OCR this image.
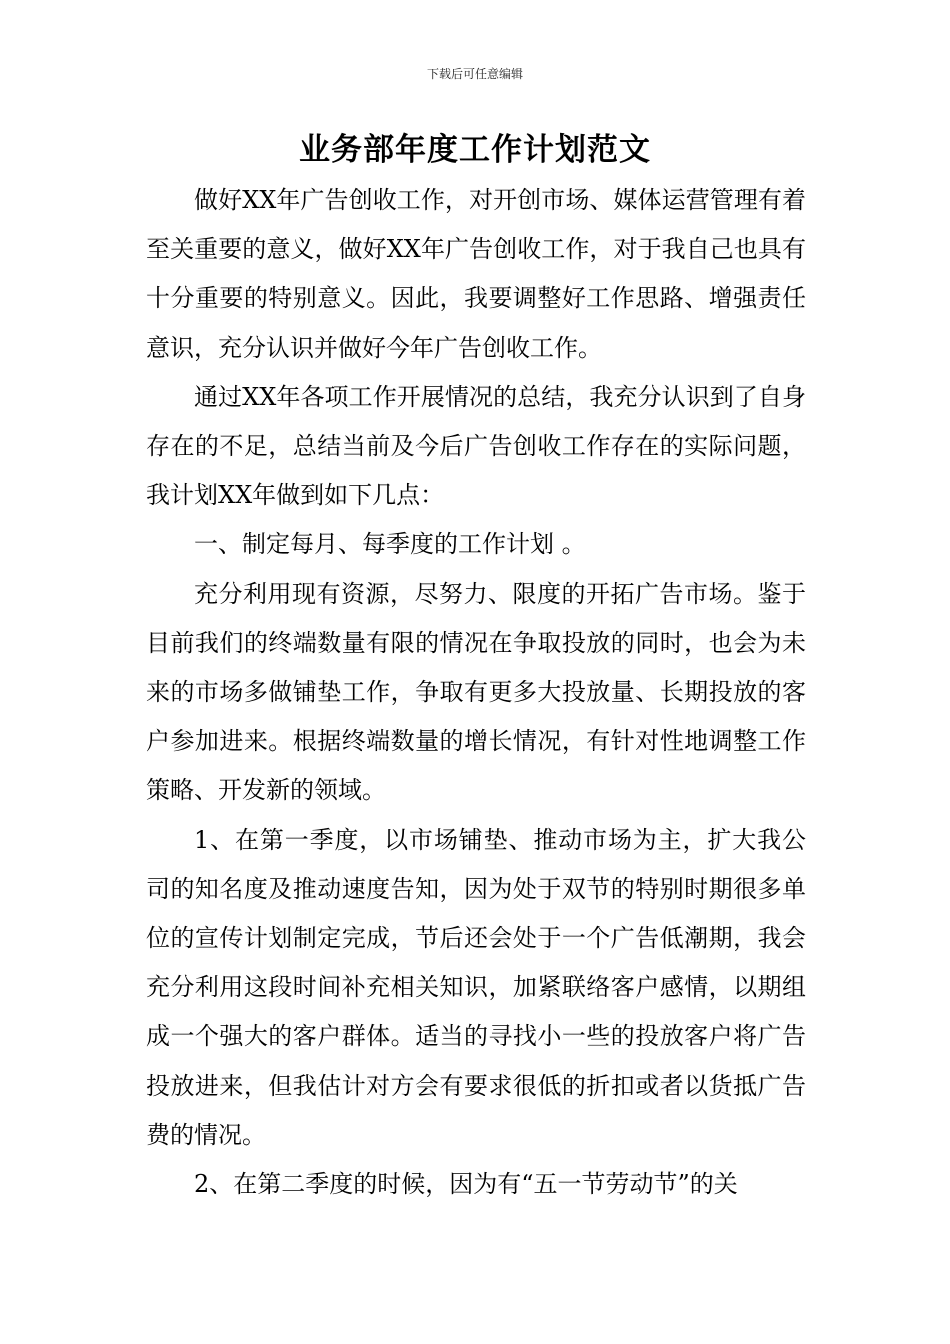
下载后可任意编辑
业务部年度工作计划范文

做好XX年广告创收工作，对开创市场、媒体运营管理有着至关重要的意义，做好XX年广告创收工作，对于我自己也具有十分重要的特别意义。因此，我要调整好工作思路、增强责任意识，充分认识并做好今年广告创收工作。

通过XX年各项工作开展情况的总结，我充分认识到了自身存在的不足，总结当前及今后广告创收工作存在的实际问题，我计划XX年做到如下几点：

一、制定每月、每季度的工作计划 。

充分利用现有资源，尽努力、限度的开拓广告市场。鉴于目前我们的终端数量有限的情况在争取投放的同时，也会为未来的市场多做铺垫工作，争取有更多大投放量、长期投放的客户参加进来。根据终端数量的增长情况，有针对性地调整工作策略、开发新的领域。

1、在第一季度，以市场铺垫、推动市场为主，扩大我公司的知名度及推动速度告知，因为处于双节的特别时期很多单位的宣传计划制定完成，节后还会处于一个广告低潮期，我会充分利用这段时间补充相关知识，加紧联络客户感情，以期组成一个强大的客户群体。适当的寻找小一些的投放客户将广告投放进来，但我估计对方会有要求很低的折扣或者以货抵广告费的情况。

2、在第二季度的时候，因为有“五一节劳动节”的关
